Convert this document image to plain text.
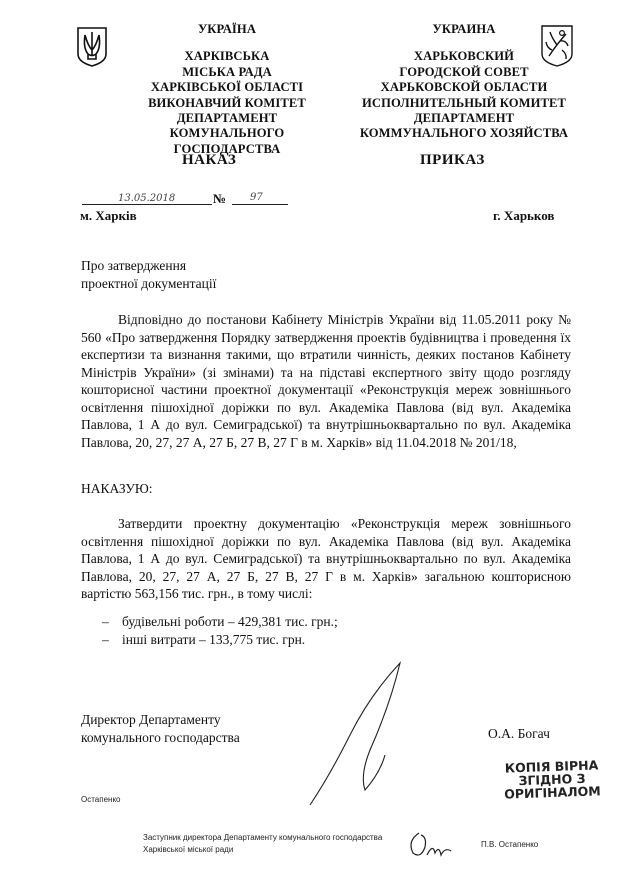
УКРАЇНА
ХАРКІВСЬКА
МІСЬКА РАДА
ХАРКІВСЬКОЇ ОБЛАСТІ
ВИКОНАВЧИЙ КОМІТЕТ
ДЕПАРТАМЕНТ
КОМУНАЛЬНОГО ГОСПОДАРСТВА
УКРАИНА
ХАРЬКОВСКИЙ
ГОРОДСКОЙ СОВЕТ
ХАРЬКОВСКОЙ ОБЛАСТИ
ИСПОЛНИТЕЛЬНЫЙ КОМИТЕТ
ДЕПАРТАМЕНТ
КОММУНАЛЬНОГО ХОЗЯЙСТВА
НАКАЗ	ПРИКАЗ
13.05.2018	№ 97
м. Харків	г. Харьков
Про затвердження
проектної документації

Відповідно до постанови Кабінету Міністрів України від 11.05.2011 року № 560 «Про затвердження Порядку затвердження проектів будівництва і проведення їх експертизи та визнання такими, що втратили чинність, деяких постанов Кабінету Міністрів України» (зі змінами) та на підставі експертного звіту щодо розгляду кошторисної частини проектної документації «Реконструкція мереж зовнішнього освітлення пішохідної доріжки по вул. Академіка Павлова (від вул. Академіка Павлова, 1 А до вул. Семиградської) та внутрішньоквартально по вул. Академіка Павлова, 20, 27, 27 А, 27 Б, 27 В, 27 Г в м. Харків» від 11.04.2018 № 201/18,

НАКАЗУЮ:

Затвердити проектну документацію «Реконструкція мереж зовнішнього освітлення пішохідної доріжки по вул. Академіка Павлова (від вул. Академіка Павлова, 1 А до вул. Семиградської) та внутрішньоквартально по вул. Академіка Павлова, 20, 27, 27 А, 27 Б, 27 В, 27 Г в м. Харків» загальною кошторисною вартістю 563,156 тис. грн., в тому числі:

– будівельні роботи – 429,381 тис. грн.;
– інші витрати – 133,775 тис. грн.
Директор Департаменту
комунального господарства	О.А. Богач
КОПІЯ ВІРНА
ЗГІДНО З
ОРИГІНАЛОМ
Остапенко
Заступник директора Департаменту комунального господарства
Харківської міської ради
П.В. Остапенко
